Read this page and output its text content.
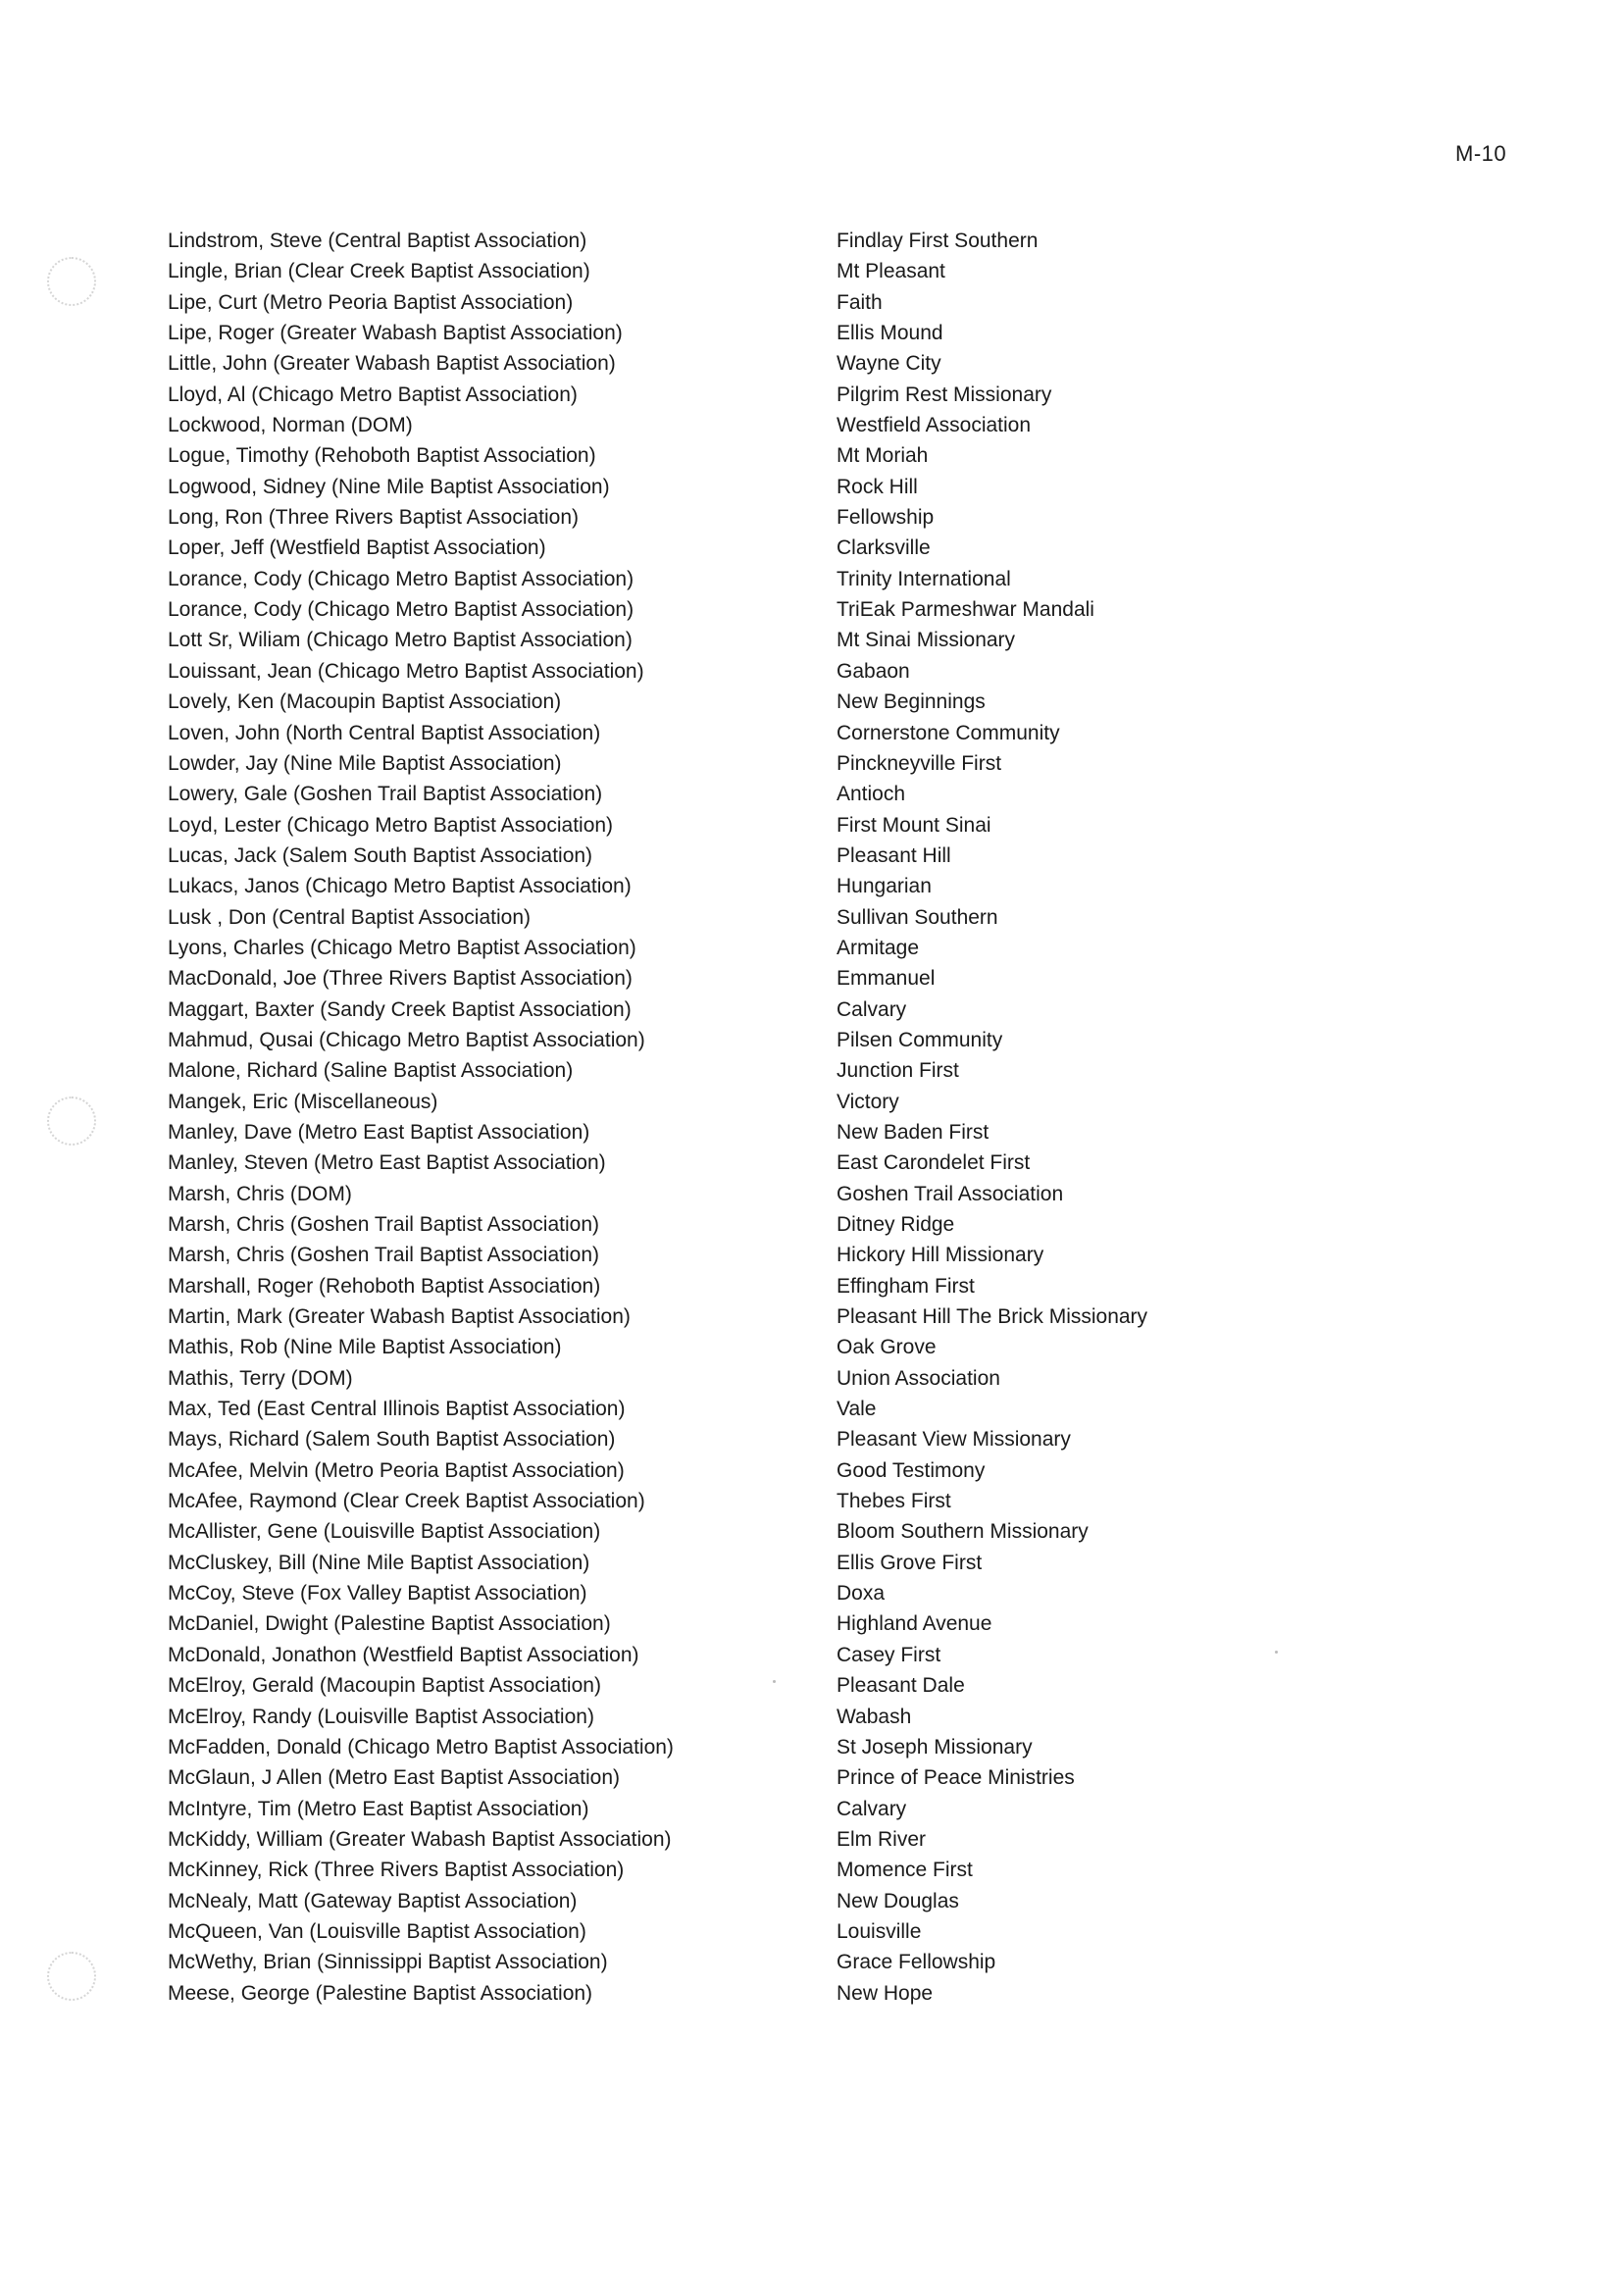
M-10
Lindstrom, Steve (Central Baptist Association)	Findlay First Southern
Lingle, Brian (Clear Creek Baptist Association)	Mt Pleasant
Lipe, Curt (Metro Peoria Baptist Association)	Faith
Lipe, Roger (Greater Wabash Baptist Association)	Ellis Mound
Little, John (Greater Wabash Baptist Association)	Wayne City
Lloyd, Al (Chicago Metro Baptist Association)	Pilgrim Rest Missionary
Lockwood, Norman (DOM)	Westfield Association
Logue, Timothy (Rehoboth Baptist Association)	Mt Moriah
Logwood, Sidney (Nine Mile Baptist Association)	Rock Hill
Long, Ron (Three Rivers Baptist Association)	Fellowship
Loper, Jeff (Westfield Baptist Association)	Clarksville
Lorance, Cody (Chicago Metro Baptist Association)	Trinity International
Lorance, Cody (Chicago Metro Baptist Association)	TriEak Parmeshwar Mandali
Lott Sr, Wiliam (Chicago Metro Baptist Association)	Mt Sinai Missionary
Louissant, Jean (Chicago Metro Baptist Association)	Gabaon
Lovely, Ken (Macoupin Baptist Association)	New Beginnings
Loven, John (North Central Baptist Association)	Cornerstone Community
Lowder, Jay (Nine Mile Baptist Association)	Pinckneyville First
Lowery, Gale (Goshen Trail Baptist Association)	Antioch
Loyd, Lester (Chicago Metro Baptist Association)	First Mount Sinai
Lucas, Jack (Salem South Baptist Association)	Pleasant Hill
Lukacs, Janos (Chicago Metro Baptist Association)	Hungarian
Lusk , Don (Central Baptist Association)	Sullivan Southern
Lyons, Charles (Chicago Metro Baptist Association)	Armitage
MacDonald, Joe (Three Rivers Baptist Association)	Emmanuel
Maggart, Baxter (Sandy Creek Baptist Association)	Calvary
Mahmud, Qusai (Chicago Metro Baptist Association)	Pilsen Community
Malone, Richard (Saline Baptist Association)	Junction First
Mangek, Eric (Miscellaneous)	Victory
Manley, Dave (Metro East Baptist Association)	New Baden First
Manley, Steven (Metro East Baptist Association)	East Carondelet First
Marsh, Chris (DOM)	Goshen Trail Association
Marsh, Chris (Goshen Trail Baptist Association)	Ditney Ridge
Marsh, Chris (Goshen Trail Baptist Association)	Hickory Hill Missionary
Marshall, Roger (Rehoboth Baptist Association)	Effingham First
Martin, Mark (Greater Wabash Baptist Association)	Pleasant Hill The Brick Missionary
Mathis, Rob (Nine Mile Baptist Association)	Oak Grove
Mathis, Terry (DOM)	Union Association
Max, Ted (East Central Illinois Baptist Association)	Vale
Mays, Richard (Salem South Baptist Association)	Pleasant View Missionary
McAfee, Melvin (Metro Peoria Baptist Association)	Good Testimony
McAfee, Raymond (Clear Creek Baptist Association)	Thebes First
McAllister, Gene (Louisville Baptist Association)	Bloom Southern Missionary
McCluskey, Bill (Nine Mile Baptist Association)	Ellis Grove First
McCoy, Steve (Fox Valley Baptist Association)	Doxa
McDaniel, Dwight (Palestine Baptist Association)	Highland Avenue
McDonald, Jonathon (Westfield Baptist Association)	Casey First
McElroy, Gerald (Macoupin Baptist Association)	Pleasant Dale
McElroy, Randy (Louisville Baptist Association)	Wabash
McFadden, Donald (Chicago Metro Baptist Association)	St Joseph Missionary
McGlaun, J Allen (Metro East Baptist Association)	Prince of Peace Ministries
McIntyre, Tim (Metro East Baptist Association)	Calvary
McKiddy, William (Greater Wabash Baptist Association)	Elm River
McKinney, Rick (Three Rivers Baptist Association)	Momence First
McNealy, Matt (Gateway Baptist Association)	New Douglas
McQueen, Van (Louisville Baptist Association)	Louisville
McWethy, Brian (Sinnissippi Baptist Association)	Grace Fellowship
Meese, George (Palestine Baptist Association)	New Hope
